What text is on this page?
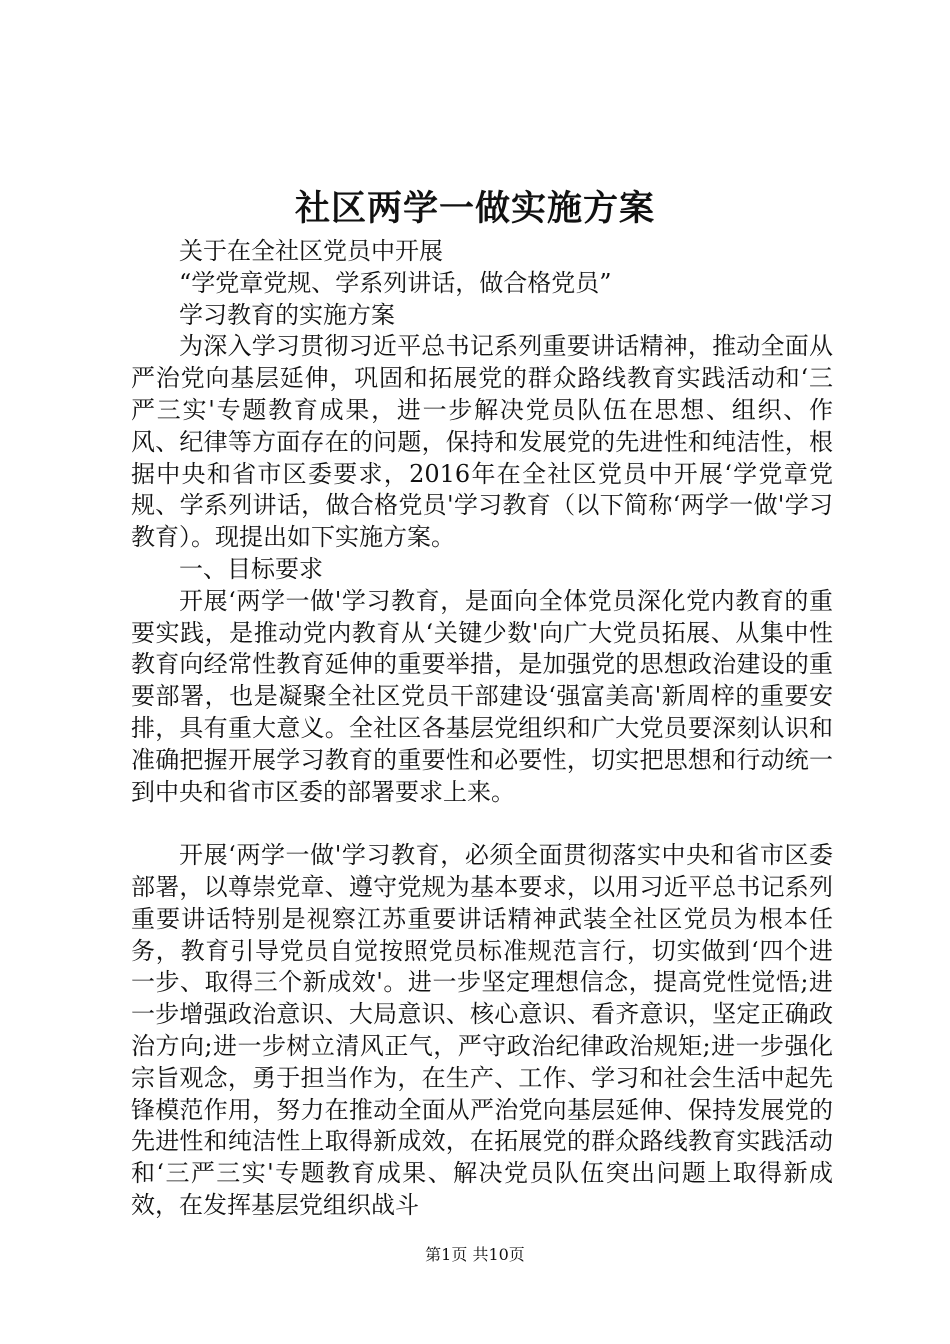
社区两学一做实施方案

关于在全社区党员中开展

“学党章党规、学系列讲话，做合格党员”

学习教育的实施方案

为深入学习贯彻习近平总书记系列重要讲话精神，推动全面从严治党向基层延伸，巩固和拓展党的群众路线教育实践活动和‘三严三实'专题教育成果，进一步解决党员队伍在思想、组织、作风、纪律等方面存在的问题，保持和发展党的先进性和纯洁性，根据中央和省市区委要求，2016年在全社区党员中开展‘学党章党规、学系列讲话，做合格党员'学习教育（以下简称‘两学一做'学习教育）。现提出如下实施方案。

一、目标要求

开展‘两学一做'学习教育，是面向全体党员深化党内教育的重要实践，是推动党内教育从‘关键少数'向广大党员拓展、从集中性教育向经常性教育延伸的重要举措，是加强党的思想政治建设的重要部署，也是凝聚全社区党员干部建设‘强富美高'新周梓的重要安排，具有重大意义。全社区各基层党组织和广大党员要深刻认识和准确把握开展学习教育的重要性和必要性，切实把思想和行动统一到中央和省市区委的部署要求上来。

开展‘两学一做'学习教育，必须全面贯彻落实中央和省市区委部署，以尊崇党章、遵守党规为基本要求，以用习近平总书记系列重要讲话特别是视察江苏重要讲话精神武装全社区党员为根本任务，教育引导党员自觉按照党员标准规范言行，切实做到‘四个进一步、取得三个新成效'。进一步坚定理想信念，提高党性觉悟;进一步增强政治意识、大局意识、核心意识、看齐意识，坚定正确政治方向;进一步树立清风正气，严守政治纪律政治规矩;进一步强化宗旨观念，勇于担当作为，在生产、工作、学习和社会生活中起先锋模范作用，努力在推动全面从严治党向基层延伸、保持发展党的先进性和纯洁性上取得新成效，在拓展党的群众路线教育实践活动和‘三严三实'专题教育成果、解决党员队伍突出问题上取得新成效，在发挥基层党组织战斗

第1页 共10页
